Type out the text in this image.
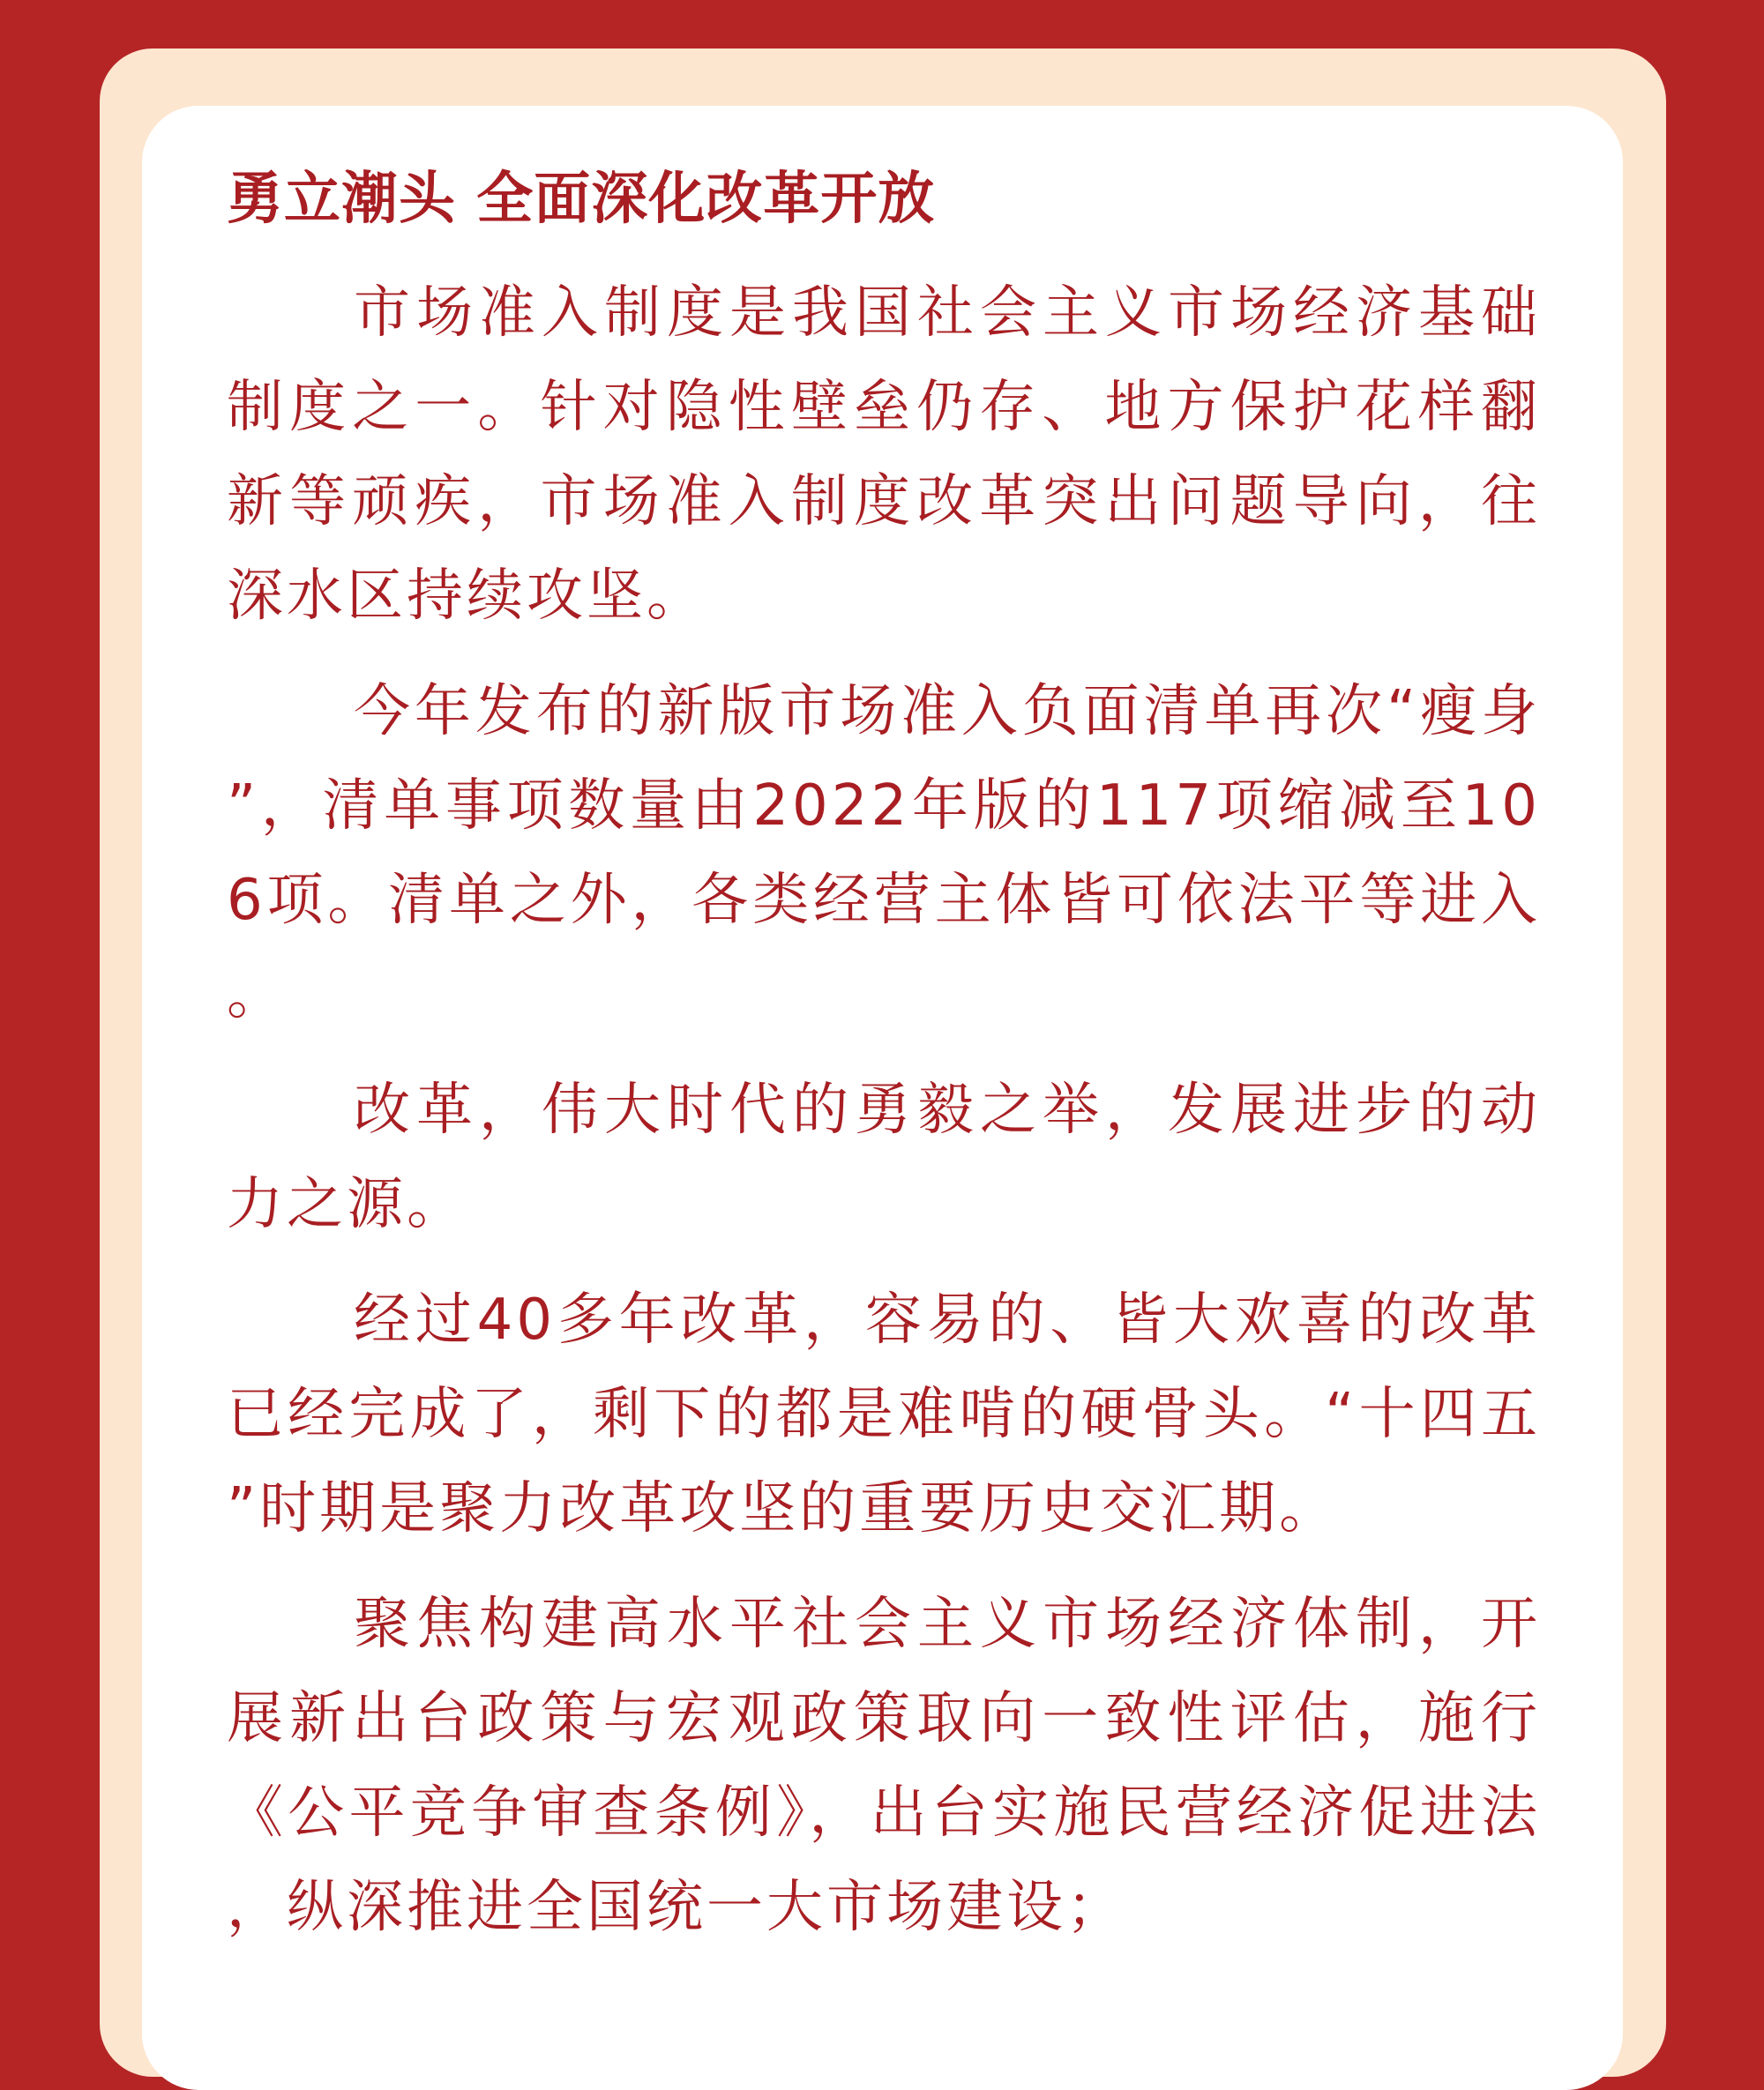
勇立潮头 全面深化改革开放

市场准入制度是我国社会主义市场经济基础制度之一。针对隐性壁垒仍存、地方保护花样翻新等顽疾，市场准入制度改革突出问题导向，往深水区持续攻坚。

今年发布的新版市场准入负面清单再次“瘦身”，清单事项数量由2022年版的117项缩减至106项。清单之外，各类经营主体皆可依法平等进入。

改革，伟大时代的勇毅之举，发展进步的动力之源。

经过40多年改革，容易的、皆大欢喜的改革已经完成了，剩下的都是难啃的硬骨头。“十四五”时期是聚力改革攻坚的重要历史交汇期。

聚焦构建高水平社会主义市场经济体制，开展新出台政策与宏观政策取向一致性评估，施行《公平竞争审查条例》，出台实施民营经济促进法，纵深推进全国统一大市场建设；
